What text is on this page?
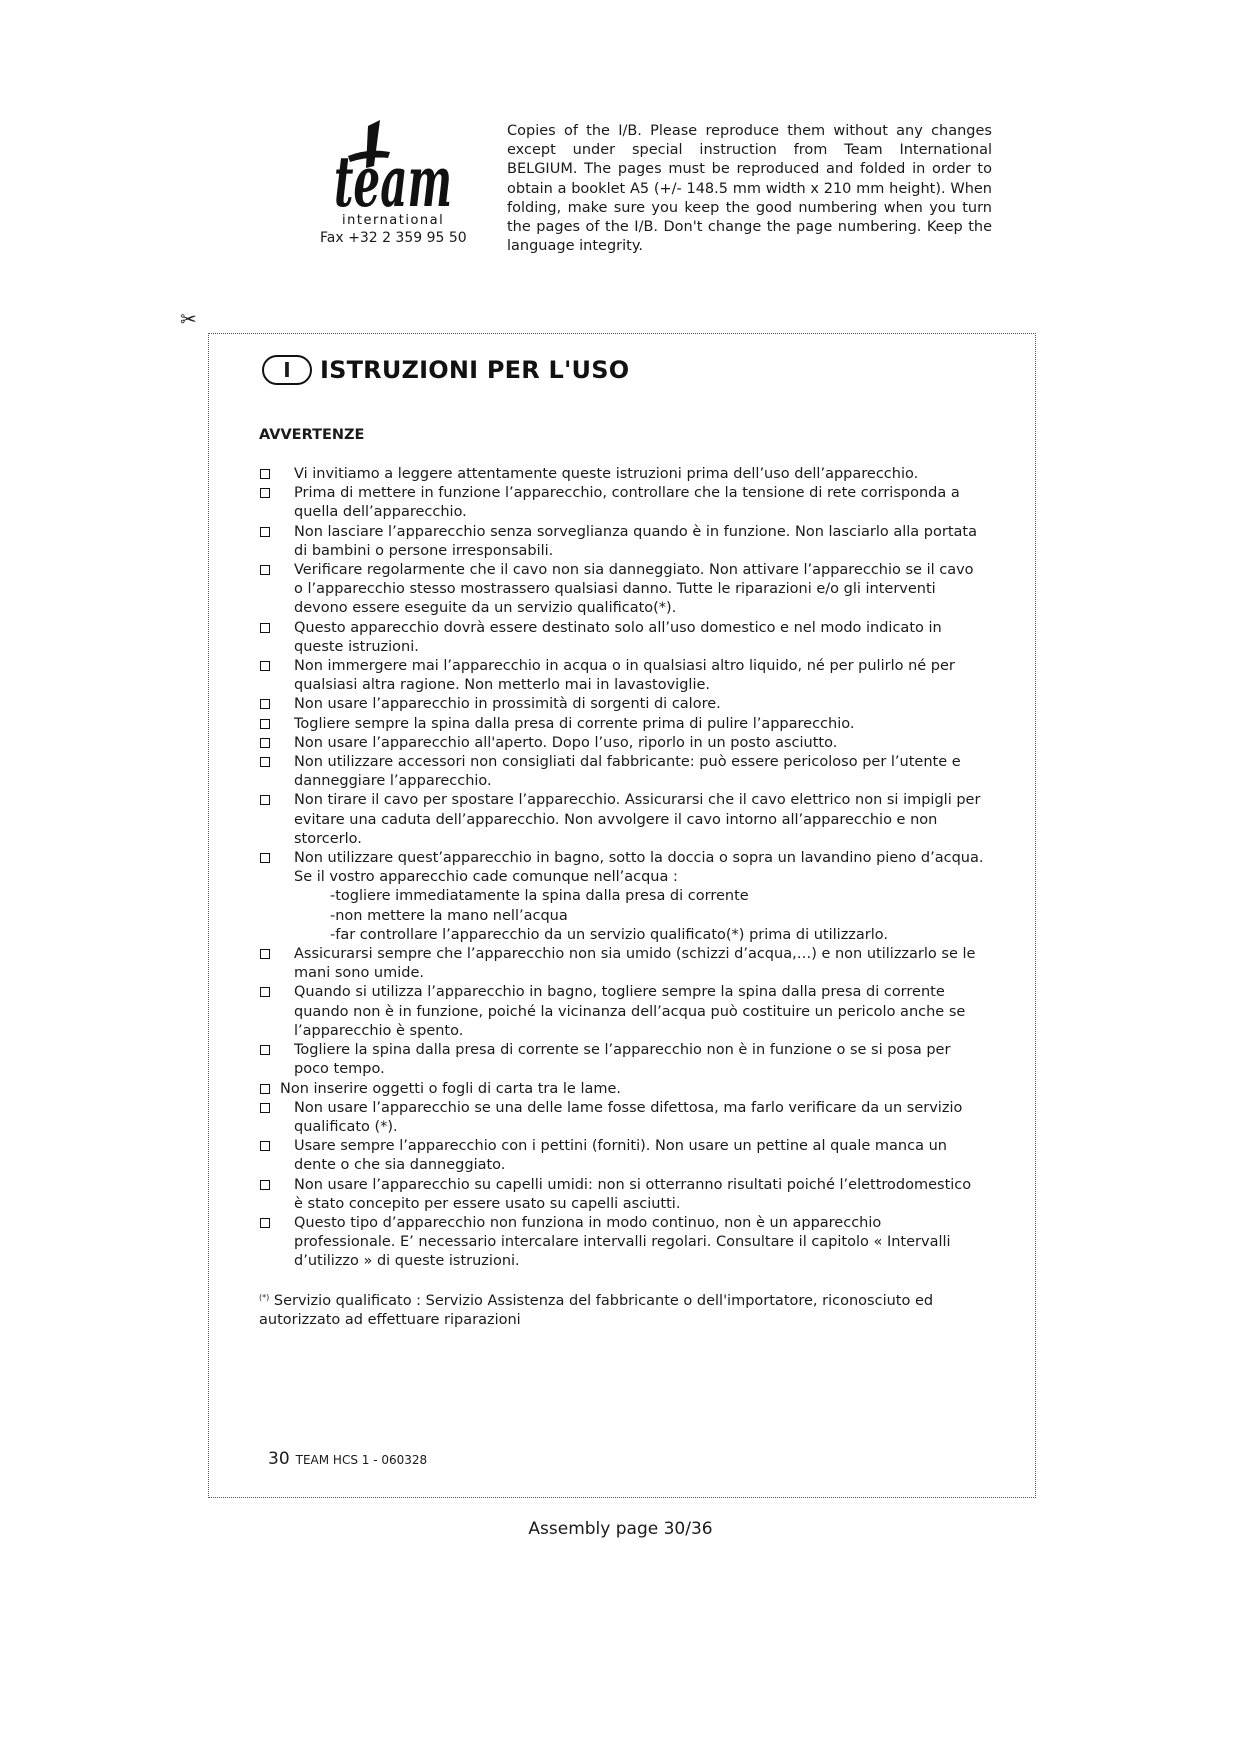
team
international
Fax +32 2 359 95 50
Copies of the I/B. Please reproduce them without any changes except under special instruction from Team International BELGIUM. The pages must be reproduced and folded in order to obtain a booklet A5 (+/- 148.5 mm width x 210 mm height). When folding, make sure you keep the good numbering when you turn the pages of the I/B. Don't change the page numbering. Keep the language integrity.
✂
I	ISTRUZIONI PER L'USO
AVVERTENZE
Vi invitiamo a leggere attentamente queste istruzioni prima dell’uso dell’apparecchio.
Prima di mettere in funzione l’apparecchio, controllare che la tensione di rete corrisponda a quella dell’apparecchio.
Non lasciare l’apparecchio senza sorveglianza quando è in funzione. Non lasciarlo alla portata di bambini o persone irresponsabili.
Verificare regolarmente che il cavo non sia danneggiato. Non attivare l’apparecchio se il cavo o l’apparecchio stesso mostrassero qualsiasi danno. Tutte le riparazioni e/o gli interventi devono essere eseguite da un servizio qualificato(*).
Questo apparecchio dovrà essere destinato solo all’uso domestico e nel modo indicato in queste istruzioni.
Non immergere mai l’apparecchio in acqua o in qualsiasi altro liquido, né per pulirlo né per qualsiasi altra ragione. Non metterlo mai in lavastoviglie.
Non usare l’apparecchio in prossimità di sorgenti di calore.
Togliere sempre la spina dalla presa di corrente prima di pulire l’apparecchio.
Non usare l’apparecchio all'aperto. Dopo l’uso, riporlo in un posto asciutto.
Non utilizzare accessori non consigliati dal fabbricante: può essere pericoloso per l’utente e danneggiare l’apparecchio.
Non tirare il cavo per spostare l’apparecchio. Assicurarsi che il cavo elettrico non si impigli per evitare una caduta dell’apparecchio. Non avvolgere il cavo intorno all’apparecchio e non storcerlo.
Non utilizzare quest’apparecchio in bagno, sotto la doccia o sopra un lavandino pieno d’acqua. Se il vostro apparecchio cade comunque nell’acqua :
-togliere immediatamente la spina dalla presa di corrente
-non mettere la mano nell’acqua
-far controllare l’apparecchio da un servizio qualificato(*) prima di utilizzarlo.
Assicurarsi sempre che l’apparecchio non sia umido (schizzi d’acqua,…) e non utilizzarlo se le mani sono umide.
Quando si utilizza l’apparecchio in bagno, togliere sempre la spina dalla presa di corrente quando non è in funzione, poiché la vicinanza dell’acqua può costituire un pericolo anche se l’apparecchio è spento.
Togliere la spina dalla presa di corrente se l’apparecchio non è in funzione o se si posa per poco tempo.
Non inserire oggetti o fogli di carta tra le lame.
Non usare l’apparecchio se una delle lame fosse difettosa, ma farlo verificare da un servizio qualificato (*).
Usare sempre l’apparecchio con i pettini (forniti). Non usare un pettine al quale manca un dente o che sia danneggiato.
Non usare l’apparecchio su capelli umidi: non si otterranno risultati poiché l’elettrodomestico è stato concepito per essere usato su capelli asciutti.
Questo tipo d’apparecchio non funziona in modo continuo, non è un apparecchio professionale. E’ necessario intercalare intervalli regolari. Consultare il capitolo « Intervalli d’utilizzo » di queste istruzioni.
(*) Servizio qualificato : Servizio Assistenza del fabbricante o dell'importatore, riconosciuto ed autorizzato ad effettuare riparazioni
30 TEAM HCS 1 - 060328
Assembly page 30/36
